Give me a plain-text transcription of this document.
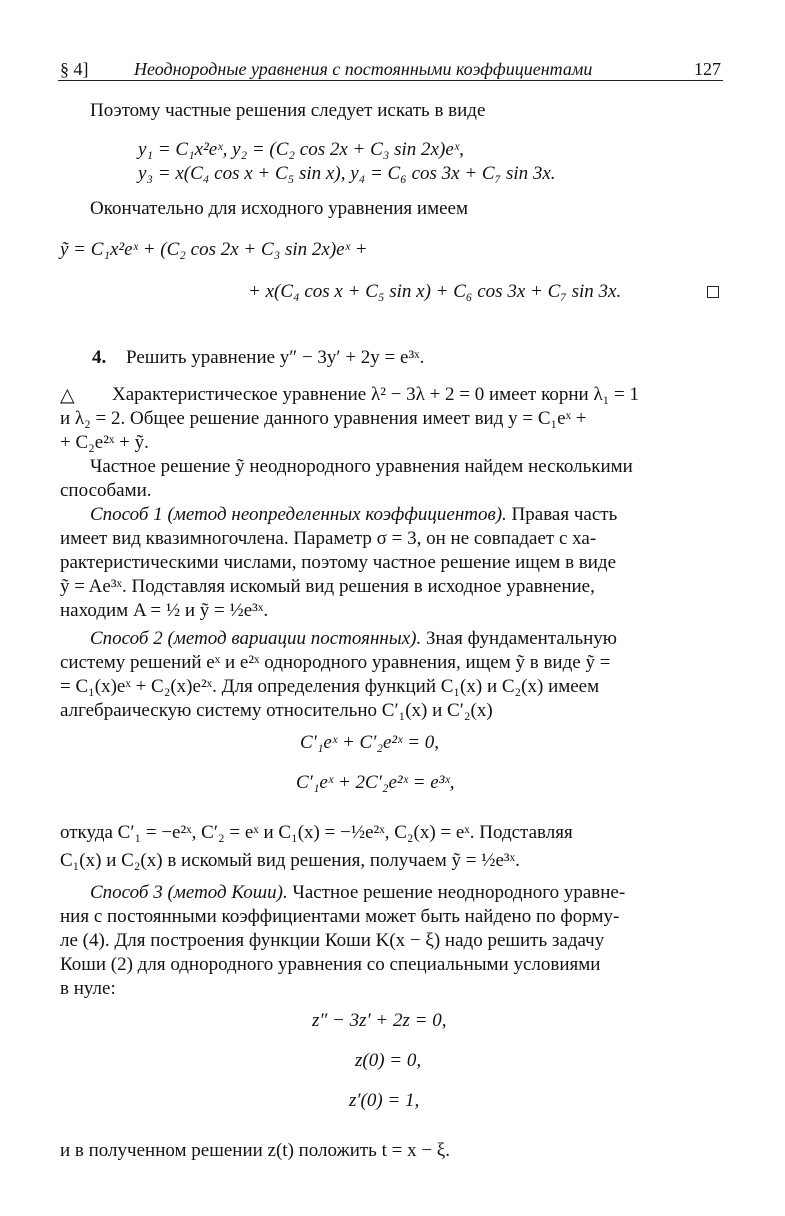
§ 4]	Неоднородные уравнения с постоянными коэффициентами	127
Поэтому частные решения следует искать в виде
y₁ = C₁x²eˣ, y₂ = (C₂ cos 2x + C₃ sin 2x)eˣ,
y₃ = x(C₄ cos x + C₅ sin x), y₄ = C₆ cos 3x + C₇ sin 3x.
Окончательно для исходного уравнения имеем
ỹ = C₁x²eˣ + (C₂ cos 2x + C₃ sin 2x)eˣ +
+ x(C₄ cos x + C₅ sin x) + C₆ cos 3x + C₇ sin 3x.
4. Решить уравнение y″ − 3y′ + 2y = e³ˣ.
△ Характеристическое уравнение λ² − 3λ + 2 = 0 имеет корни λ₁ = 1
и λ₂ = 2. Общее решение данного уравнения имеет вид y = C₁eˣ +
+ C₂e²ˣ + ỹ.
Частное решение ỹ неоднородного уравнения найдем несколькими
способами.
Способ 1 (метод неопределенных коэффициентов). Правая часть
имеет вид квазимногочлена. Параметр σ = 3, он не совпадает с ха-
рактеристическими числами, поэтому частное решение ищем в виде
ỹ = Ae³ˣ. Подставляя искомый вид решения в исходное уравнение,
находим A = ½ и ỹ = ½e³ˣ.
Способ 2 (метод вариации постоянных). Зная фундаментальную
систему решений eˣ и e²ˣ однородного уравнения, ищем ỹ в виде ỹ =
= C₁(x)eˣ + C₂(x)e²ˣ. Для определения функций C₁(x) и C₂(x) имеем
алгебраическую систему относительно C′₁(x) и C′₂(x)
C′₁eˣ + C′₂e²ˣ = 0,
C′₁eˣ + 2C′₂e²ˣ = e³ˣ,
откуда C′₁ = −e²ˣ, C′₂ = eˣ и C₁(x) = −½e²ˣ, C₂(x) = eˣ. Подставляя
C₁(x) и C₂(x) в искомый вид решения, получаем ỹ = ½e³ˣ.
Способ 3 (метод Коши). Частное решение неоднородного уравне-
ния с постоянными коэффициентами может быть найдено по форму-
ле (4). Для построения функции Коши K(x − ξ) надо решить задачу
Коши (2) для однородного уравнения со специальными условиями
в нуле:
z″ − 3z′ + 2z = 0,
z(0) = 0,
z′(0) = 1,
и в полученном решении z(t) положить t = x − ξ.
